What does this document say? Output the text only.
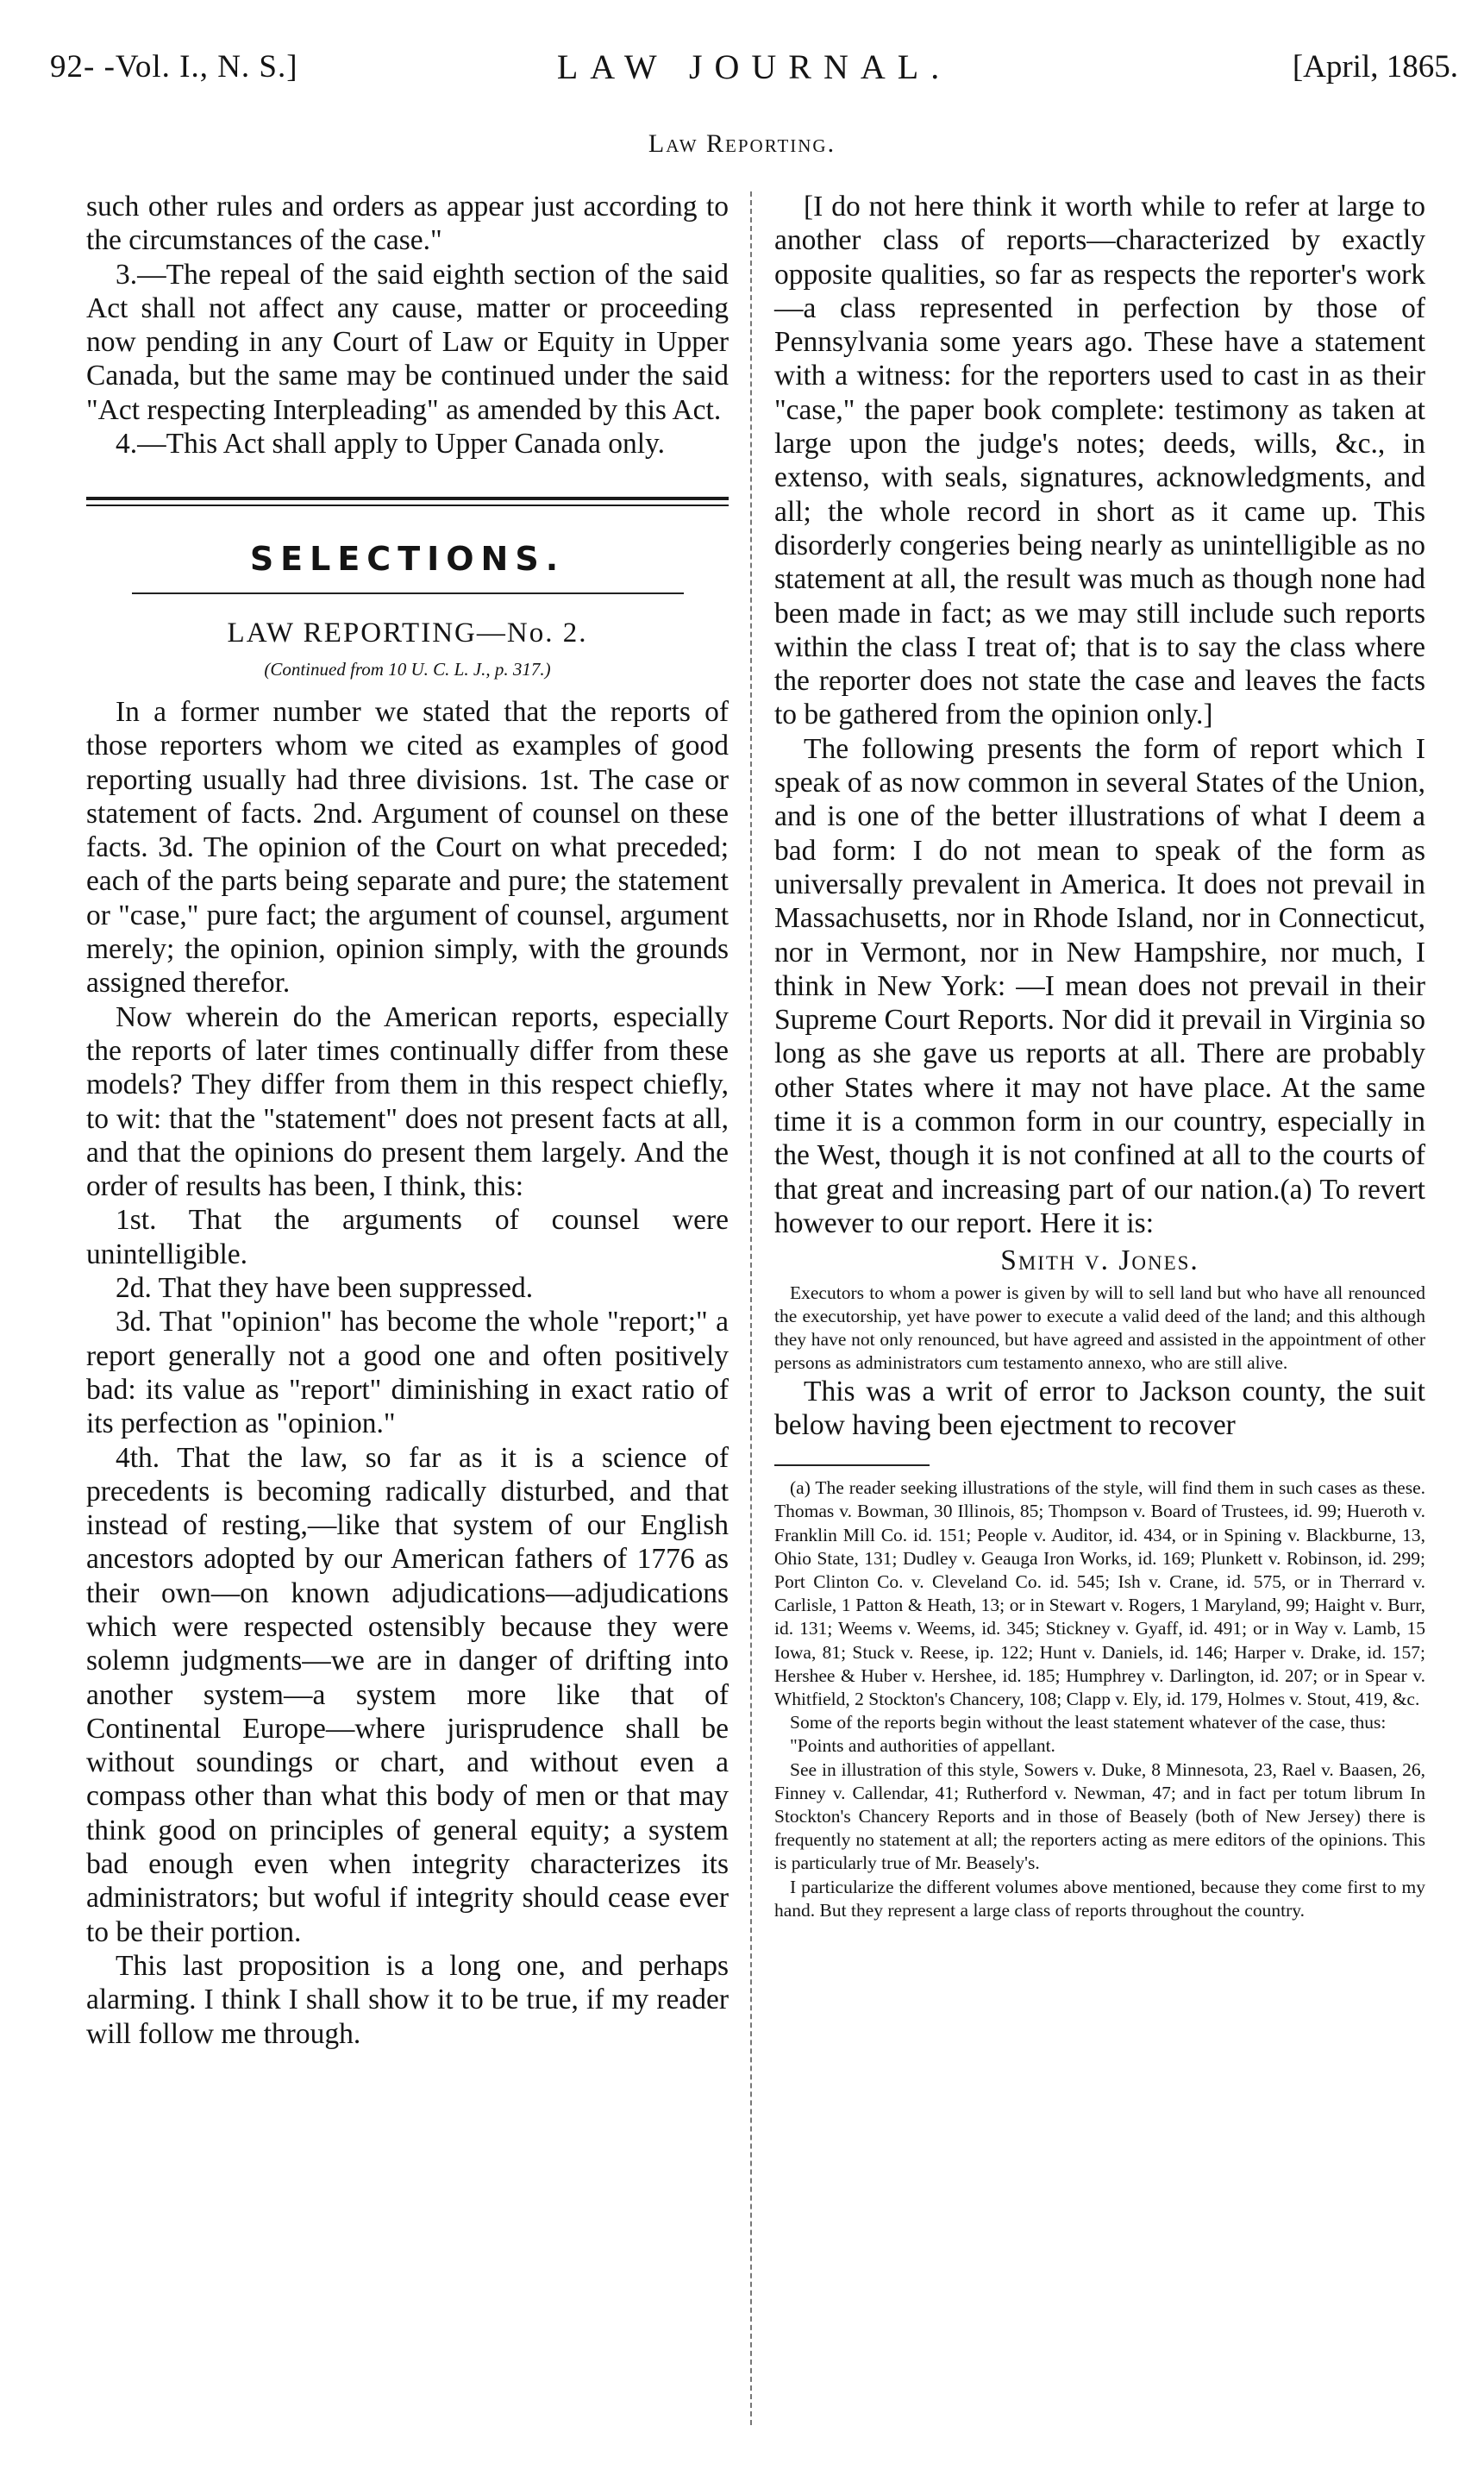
92- -Vol. I., N. S.]	LAW JOURNAL.	[April, 1865.
Law Reporting.

such other rules and orders as appear just according to the circumstances of the case."

3.—The repeal of the said eighth section of the said Act shall not affect any cause, matter or proceeding now pending in any Court of Law or Equity in Upper Canada, but the same may be continued under the said "Act respecting Interpleading" as amended by this Act.

4.—This Act shall apply to Upper Canada only.

SELECTIONS.
LAW REPORTING—No. 2.
(Continued from 10 U. C. L. J., p. 317.)

In a former number we stated that the reports of those reporters whom we cited as examples of good reporting usually had three divisions. 1st. The case or statement of facts. 2nd. Argument of counsel on these facts. 3d. The opinion of the Court on what preceded; each of the parts being separate and pure; the statement or "case," pure fact; the argument of counsel, argument merely; the opinion, opinion simply, with the grounds assigned therefor.

Now wherein do the American reports, especially the reports of later times continually differ from these models? They differ from them in this respect chiefly, to wit: that the "statement" does not present facts at all, and that the opinions do present them largely. And the order of results has been, I think, this:

1st. That the arguments of counsel were unintelligible.

2d. That they have been suppressed.

3d. That "opinion" has become the whole "report;" a report generally not a good one and often positively bad: its value as "report" diminishing in exact ratio of its perfection as "opinion."

4th. That the law, so far as it is a science of precedents is becoming radically disturbed, and that instead of resting,—like that system of our English ancestors adopted by our American fathers of 1776 as their own—on known adjudications—adjudications which were respected ostensibly because they were solemn judgments—we are in danger of drifting into another system—a system more like that of Continental Europe—where jurisprudence shall be without soundings or chart, and without even a compass other than what this body of men or that may think good on principles of general equity; a system bad enough even when integrity characterizes its administrators; but woful if integrity should cease ever to be their portion.

This last proposition is a long one, and perhaps alarming. I think I shall show it to be true, if my reader will follow me through.

[I do not here think it worth while to refer at large to another class of reports—characterized by exactly opposite qualities, so far as respects the reporter's work—a class represented in perfection by those of Pennsylvania some years ago. These have a statement with a witness: for the reporters used to cast in as their "case," the paper book complete: testimony as taken at large upon the judge's notes; deeds, wills, &c., in extenso, with seals, signatures, acknowledgments, and all; the whole record in short as it came up. This disorderly congeries being nearly as unintelligible as no statement at all, the result was much as though none had been made in fact; as we may still include such reports within the class I treat of; that is to say the class where the reporter does not state the case and leaves the facts to be gathered from the opinion only.]

The following presents the form of report which I speak of as now common in several States of the Union, and is one of the better illustrations of what I deem a bad form: I do not mean to speak of the form as universally prevalent in America. It does not prevail in Massachusetts, nor in Rhode Island, nor in Connecticut, nor in Vermont, nor in New Hampshire, nor much, I think in New York: —I mean does not prevail in their Supreme Court Reports. Nor did it prevail in Virginia so long as she gave us reports at all. There are probably other States where it may not have place. At the same time it is a common form in our country, especially in the West, though it is not confined at all to the courts of that great and increasing part of our nation.(a) To revert however to our report. Here it is:

Smith v. Jones.

Executors to whom a power is given by will to sell land but who have all renounced the executorship, yet have power to execute a valid deed of the land; and this although they have not only renounced, but have agreed and assisted in the appointment of other persons as administrators cum testamento annexo, who are still alive.

This was a writ of error to Jackson county, the suit below having been ejectment to recover

(a) The reader seeking illustrations of the style, will find them in such cases as these. Thomas v. Bowman, 30 Illinois, 85; Thompson v. Board of Trustees, id. 99; Hueroth v. Franklin Mill Co. id. 151; People v. Auditor, id. 434, or in Spining v. Blackburne, 13, Ohio State, 131; Dudley v. Geauga Iron Works, id. 169; Plunkett v. Robinson, id. 299; Port Clinton Co. v. Cleveland Co. id. 545; Ish v. Crane, id. 575, or in Therrard v. Carlisle, 1 Patton & Heath, 13; or in Stewart v. Rogers, 1 Maryland, 99; Haight v. Burr, id. 131; Weems v. Weems, id. 345; Stickney v. Gyaff, id. 491; or in Way v. Lamb, 15 Iowa, 81; Stuck v. Reese, ip. 122; Hunt v. Daniels, id. 146; Harper v. Drake, id. 157; Hershee & Huber v. Hershee, id. 185; Humphrey v. Darlington, id. 207; or in Spear v. Whitfield, 2 Stockton's Chancery, 108; Clapp v. Ely, id. 179, Holmes v. Stout, 419, &c.

Some of the reports begin without the least statement whatever of the case, thus:

"Points and authorities of appellant.

See in illustration of this style, Sowers v. Duke, 8 Minnesota, 23, Rael v. Baasen, 26, Finney v. Callendar, 41; Rutherford v. Newman, 47; and in fact per totum librum In Stockton's Chancery Reports and in those of Beasely (both of New Jersey) there is frequently no statement at all; the reporters acting as mere editors of the opinions. This is particularly true of Mr. Beasely's.

I particularize the different volumes above mentioned, because they come first to my hand. But they represent a large class of reports throughout the country.
